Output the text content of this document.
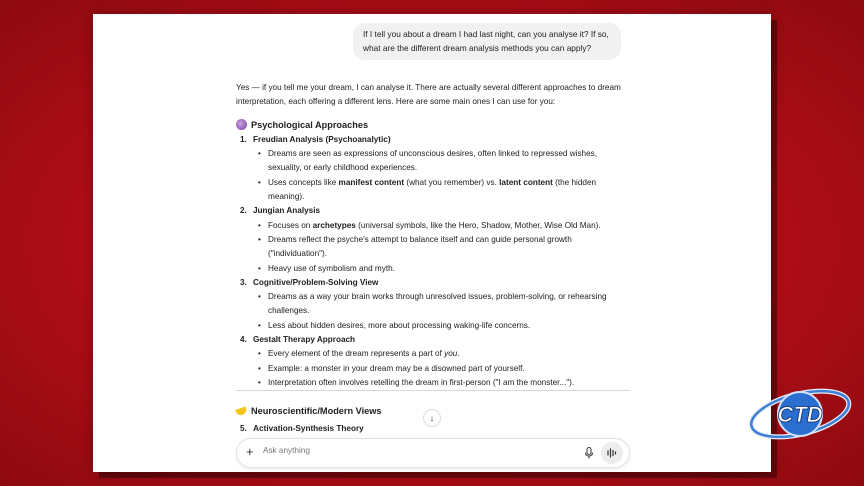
If I tell you about a dream I had last night, can you analyse it? If so, what are the different dream analysis methods you can apply?

Yes — if you tell me your dream, I can analyse it. There are actually several different approaches to dream interpretation, each offering a different lens. Here are some main ones I can use for you:

Psychological Approaches
1. Freudian Analysis (Psychoanalytic)
• Dreams are seen as expressions of unconscious desires, often linked to repressed wishes, sexuality, or early childhood experiences.
• Uses concepts like manifest content (what you remember) vs. latent content (the hidden meaning).
2. Jungian Analysis
• Focuses on archetypes (universal symbols, like the Hero, Shadow, Mother, Wise Old Man).
• Dreams reflect the psyche's attempt to balance itself and can guide personal growth ("individuation").
• Heavy use of symbolism and myth.
3. Cognitive/Problem-Solving View
• Dreams as a way your brain works through unresolved issues, problem-solving, or rehearsing challenges.
• Less about hidden desires, more about processing waking-life concerns.
4. Gestalt Therapy Approach
• Every element of the dream represents a part of you.
• Example: a monster in your dream may be a disowned part of yourself.
• Interpretation often involves retelling the dream in first-person ("I am the monster...").
Neuroscientific/Modern Views
↓
5. Activation-Synthesis Theory
+
Ask anything
CTD
